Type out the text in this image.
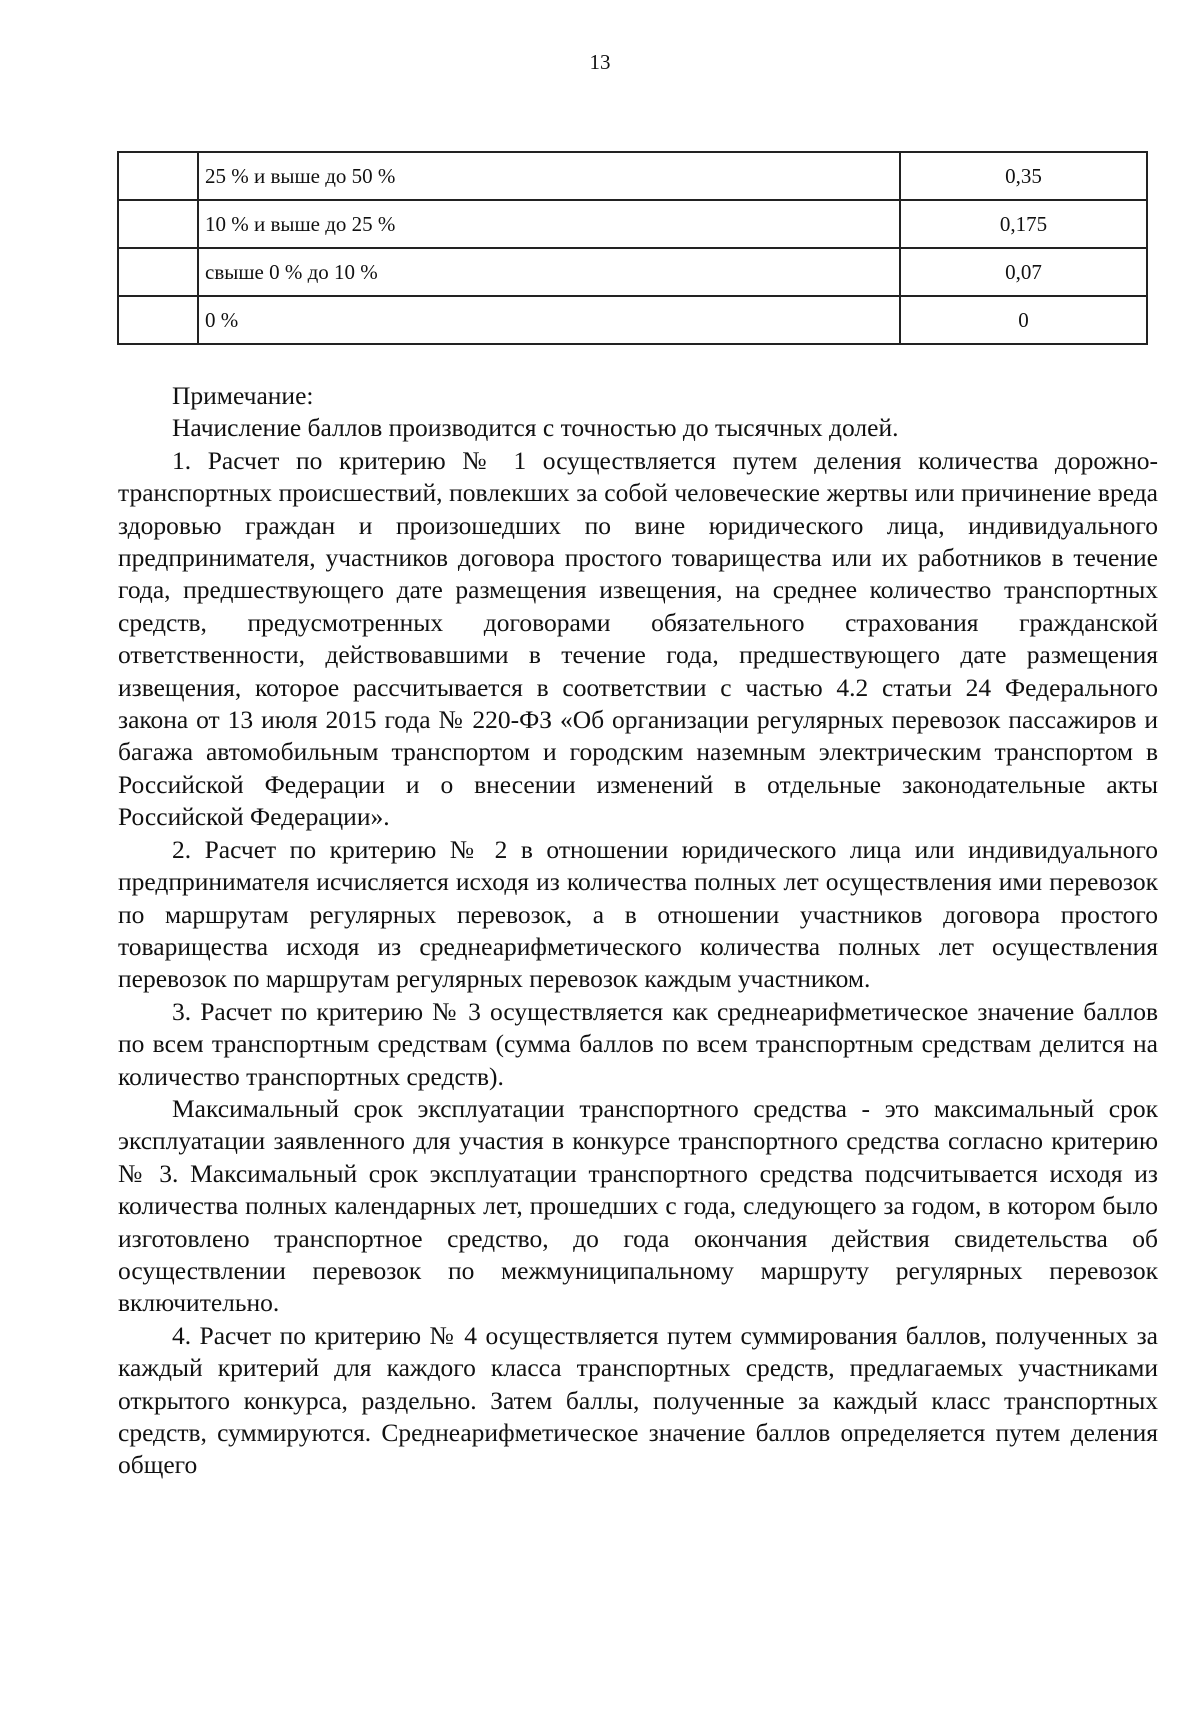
13
	25 % и выше до 50 %	0,35
	10 % и выше до 25 %	0,175
	свыше 0 % до 10 %	0,07
	0 %	0

Примечание:

Начисление баллов производится с точностью до тысячных долей.

1. Расчет по критерию № 1 осуществляется путем деления количества дорожно-транспортных происшествий, повлекших за собой человеческие жертвы или причинение вреда здоровью граждан и произошедших по вине юридического лица, индивидуального предпринимателя, участников договора простого товарищества или их работников в течение года, предшествующего дате размещения извещения, на среднее количество транспортных средств, предусмотренных договорами обязательного страхования гражданской ответственности, действовавшими в течение года, предшествующего дате размещения извещения, которое рассчитывается в соответствии с частью 4.2 статьи 24 Федерального закона от 13 июля 2015 года № 220-ФЗ «Об организации регулярных перевозок пассажиров и багажа автомобильным транспортом и городским наземным электрическим транспортом в Российской Федерации и о внесении изменений в отдельные законодательные акты Российской Федерации».

2. Расчет по критерию № 2 в отношении юридического лица или индивидуального предпринимателя исчисляется исходя из количества полных лет осуществления ими перевозок по маршрутам регулярных перевозок, а в отношении участников договора простого товарищества исходя из среднеарифметического количества полных лет осуществления перевозок по маршрутам регулярных перевозок каждым участником.

3. Расчет по критерию № 3 осуществляется как среднеарифметическое значение баллов по всем транспортным средствам (сумма баллов по всем транспортным средствам делится на количество транспортных средств).

Максимальный срок эксплуатации транспортного средства - это максимальный срок эксплуатации заявленного для участия в конкурсе транспортного средства согласно критерию № 3. Максимальный срок эксплуатации транспортного средства подсчитывается исходя из количества полных календарных лет, прошедших с года, следующего за годом, в котором было изготовлено транспортное средство, до года окончания действия свидетельства об осуществлении перевозок по межмуниципальному маршруту регулярных перевозок включительно.

4. Расчет по критерию № 4 осуществляется путем суммирования баллов, полученных за каждый критерий для каждого класса транспортных средств, предлагаемых участниками открытого конкурса, раздельно. Затем баллы, полученные за каждый класс транспортных средств, суммируются. Среднеарифметическое значение баллов определяется путем деления общего
